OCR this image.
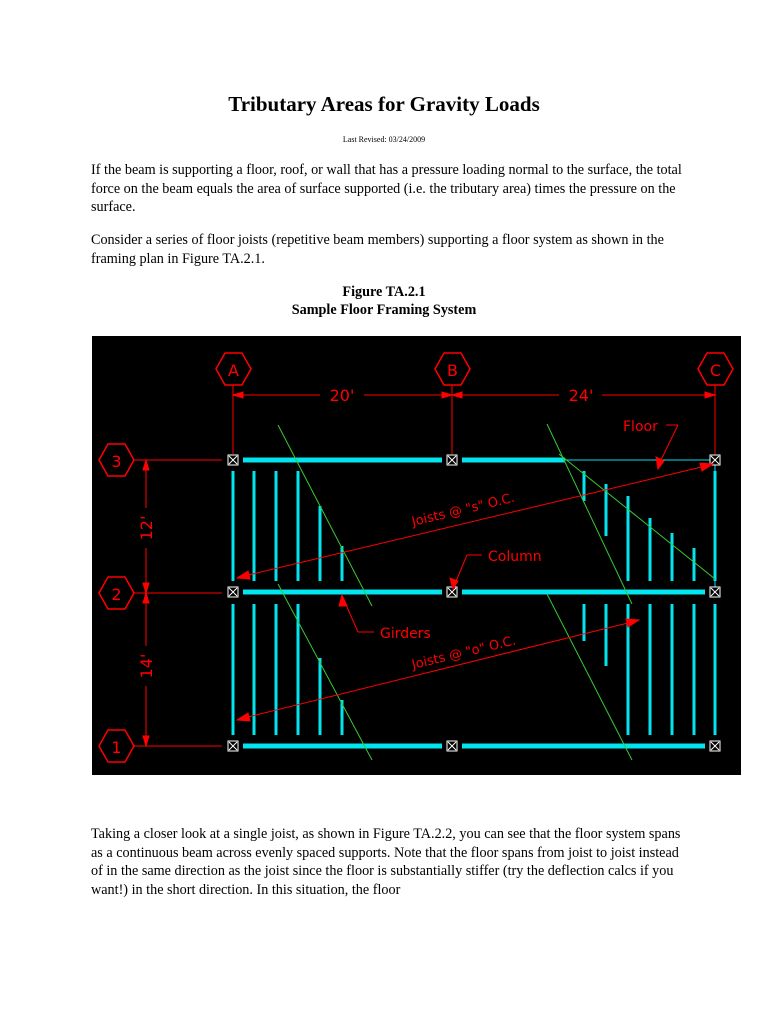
Tributary Areas for Gravity Loads
Last Revised: 03/24/2009

If the beam is supporting a floor, roof, or wall that has a pressure loading normal to the surface, the total force on the beam equals the area of surface supported (i.e. the tributary area) times the pressure on the surface.

Consider a series of floor joists (repetitive beam members) supporting a floor system as shown in the framing plan in Figure TA.2.1.

Figure TA.2.1
Sample Floor Framing System
A	B	C
3
2
1
20'	24'
12'
14'
Floor
Column
Girders
Joists @ "s" O.C.
Joists @ "o" O.C.

Taking a closer look at a single joist, as shown in Figure TA.2.2, you can see that the floor system spans as a continuous beam across evenly spaced supports. Note that the floor spans from joist to joist instead of in the same direction as the joist since the floor is substantially stiffer (try the deflection calcs if you want!) in the short direction. In this situation, the floor
